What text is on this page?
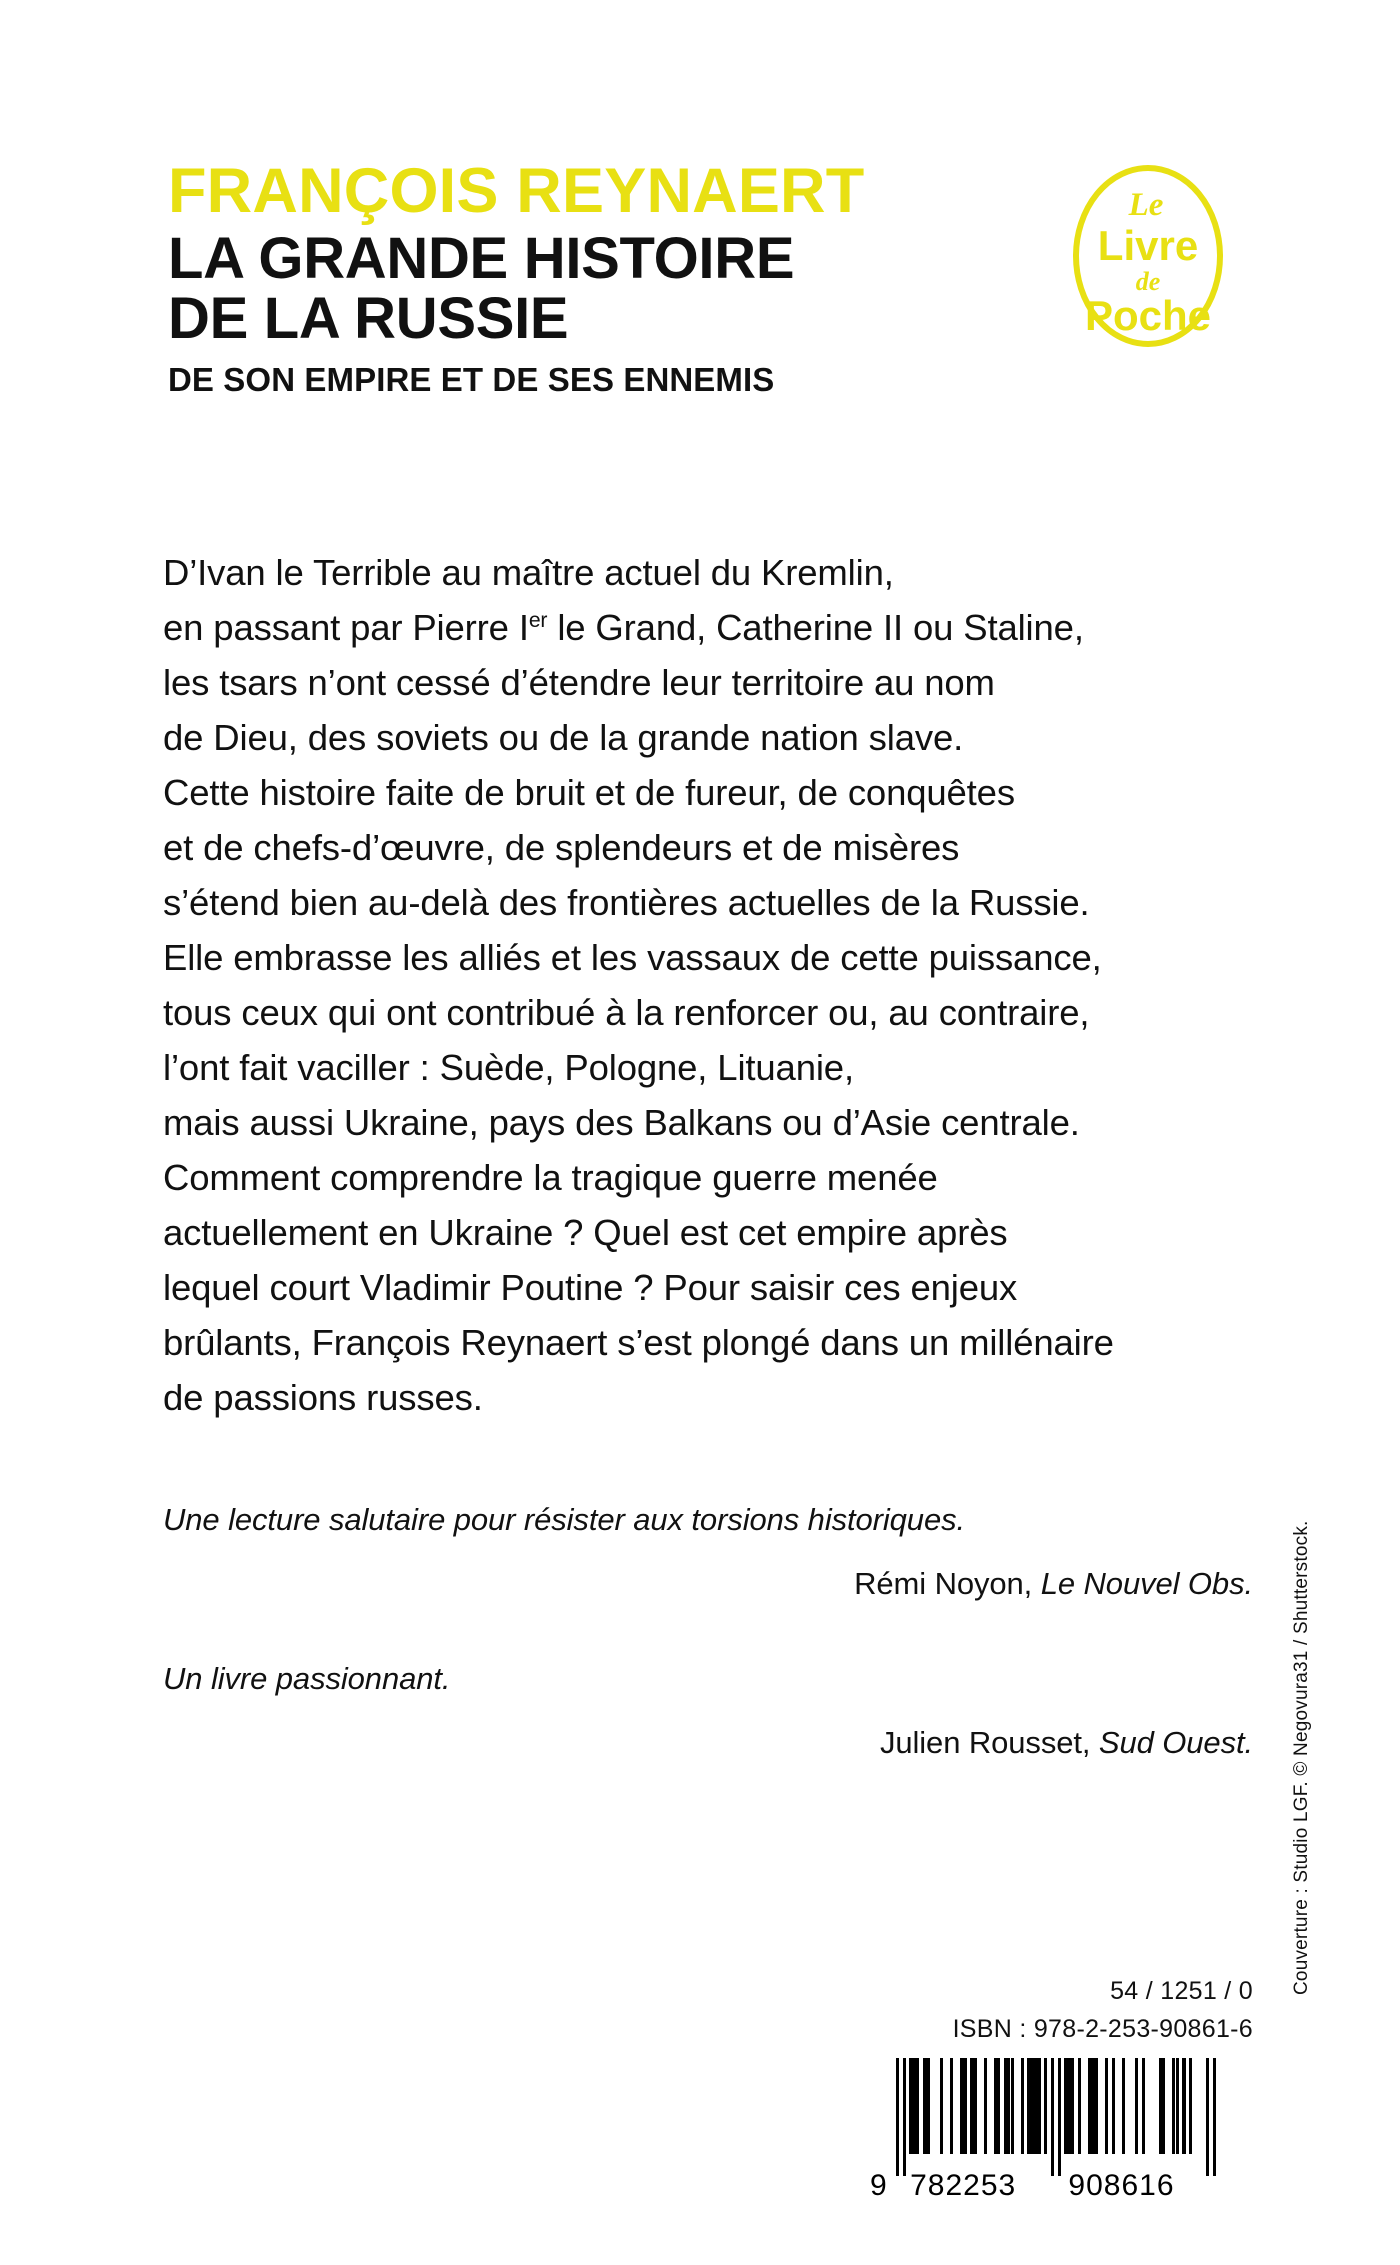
FRANÇOIS REYNAERT
LA GRANDE HISTOIRE
DE LA RUSSIE
DE SON EMPIRE ET DE SES ENNEMIS
Le
Livre
de
Poche
D’Ivan le Terrible au maître actuel du Kremlin,
en passant par Pierre Ier le Grand, Catherine II ou Staline,
les tsars n’ont cessé d’étendre leur territoire au nom
de Dieu, des soviets ou de la grande nation slave.
Cette histoire faite de bruit et de fureur, de conquêtes
et de chefs-d’œuvre, de splendeurs et de misères
s’étend bien au-delà des frontières actuelles de la Russie.
Elle embrasse les alliés et les vassaux de cette puissance,
tous ceux qui ont contribué à la renforcer ou, au contraire,
l’ont fait vaciller : Suède, Pologne, Lituanie,
mais aussi Ukraine, pays des Balkans ou d’Asie centrale.
Comment comprendre la tragique guerre menée
actuellement en Ukraine ? Quel est cet empire après
lequel court Vladimir Poutine ? Pour saisir ces enjeux
brûlants, François Reynaert s’est plongé dans un millénaire
de passions russes.
Une lecture salutaire pour résister aux torsions historiques.
Rémi Noyon, Le Nouvel Obs.
Un livre passionnant.
Julien Rousset, Sud Ouest. Couverture : Studio LGF. © Negovura31 / Shutterstock.
54 / 1251 / 0
ISBN : 978-2-253-90861-6
9 782253 908616
